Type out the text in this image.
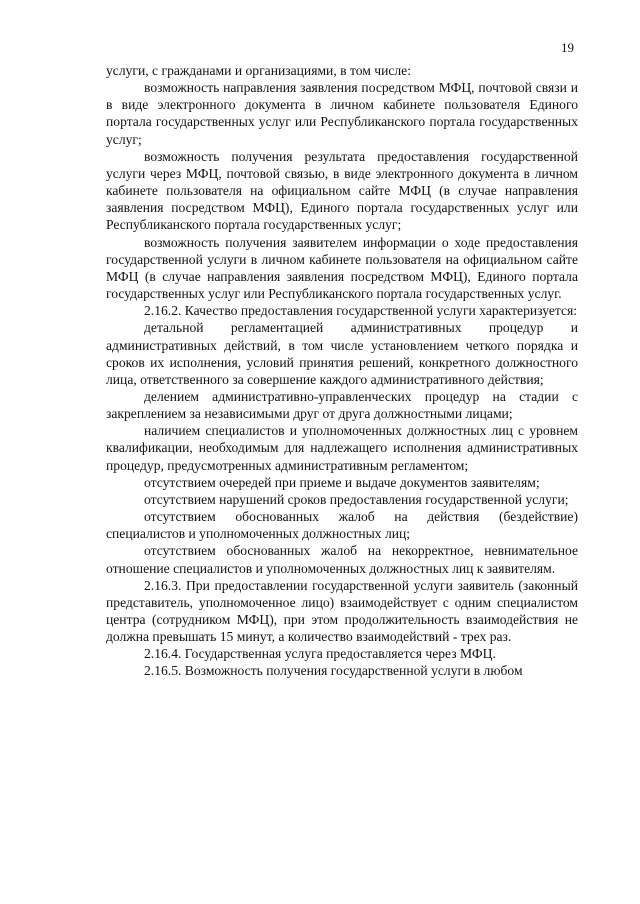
19

услуги, с гражданами и организациями, в том числе:

возможность направления заявления посредством МФЦ, почтовой связи и в виде электронного документа в личном кабинете пользователя Единого портала государственных услуг или Республиканского портала государственных услуг;

возможность получения результата предоставления государственной услуги через МФЦ, почтовой связью, в виде электронного документа в личном кабинете пользователя на официальном сайте МФЦ (в случае направления заявления посредством МФЦ), Единого портала государственных услуг или Республиканского портала государственных услуг;

возможность получения заявителем информации о ходе предоставления государственной услуги в личном кабинете пользователя на официальном сайте МФЦ (в случае направления заявления посредством МФЦ), Единого портала государственных услуг или Республиканского портала государственных услуг.

2.16.2. Качество предоставления государственной услуги характеризуется:

детальной регламентацией административных процедур и административных действий, в том числе установлением четкого порядка и сроков их исполнения, условий принятия решений, конкретного должностного лица, ответственного за совершение каждого административного действия;

делением административно-управленческих процедур на стадии с закреплением за независимыми друг от друга должностными лицами;

наличием специалистов и уполномоченных должностных лиц с уровнем квалификации, необходимым для надлежащего исполнения административных процедур, предусмотренных административным регламентом;

отсутствием очередей при приеме и выдаче документов заявителям;

отсутствием нарушений сроков предоставления государственной услуги;

отсутствием обоснованных жалоб на действия (бездействие) специалистов и уполномоченных должностных лиц;

отсутствием обоснованных жалоб на некорректное, невнимательное отношение специалистов и уполномоченных должностных лиц к заявителям.

2.16.3. При предоставлении государственной услуги заявитель (законный представитель, уполномоченное лицо) взаимодействует с одним специалистом центра (сотрудником МФЦ), при этом продолжительность взаимодействия не должна превышать 15 минут, а количество взаимодействий - трех раз.

2.16.4. Государственная услуга предоставляется через МФЦ.

2.16.5. Возможность получения государственной услуги в любом
